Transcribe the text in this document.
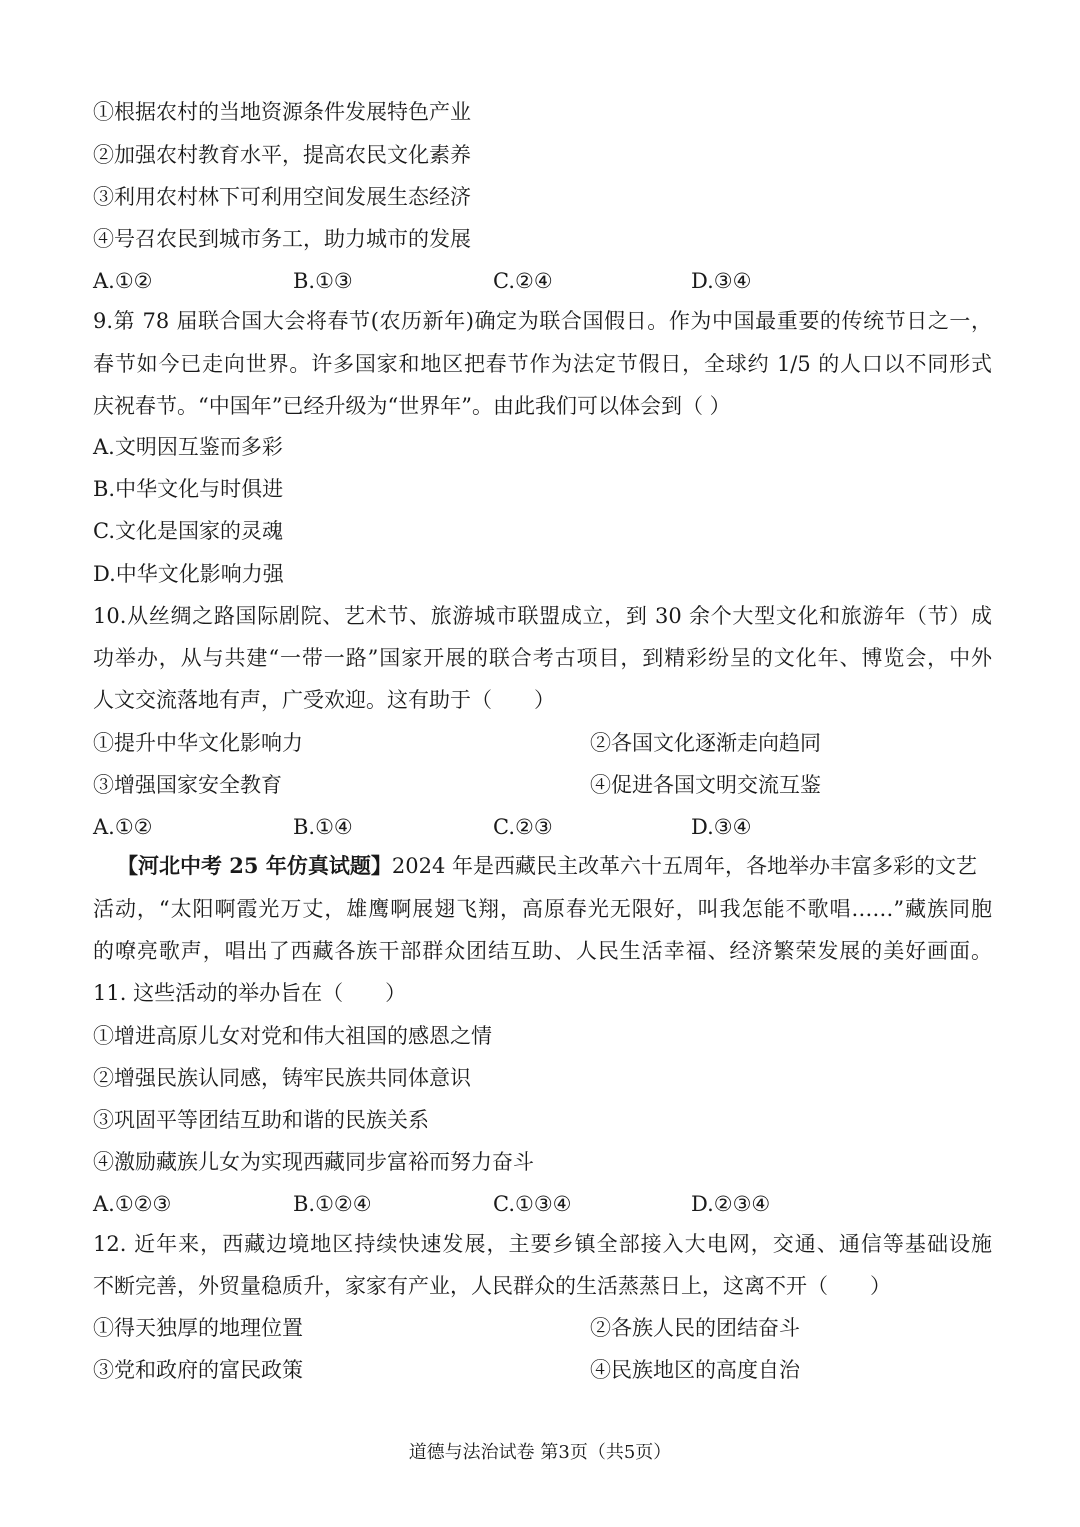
①根据农村的当地资源条件发展特色产业
②加强农村教育水平，提高农民文化素养
③利用农村林下可利用空间发展生态经济
④号召农民到城市务工，助力城市的发展
A.①②	B.①③	C.②④	D.③④
9.第 78 届联合国大会将春节(农历新年)确定为联合国假日。作为中国最重要的传统节日之一，
春节如今已走向世界。许多国家和地区把春节作为法定节假日，全球约 1/5 的人口以不同形式
庆祝春节。“中国年”已经升级为“世界年”。由此我们可以体会到（ ）
A.文明因互鉴而多彩
B.中华文化与时俱进
C.文化是国家的灵魂
D.中华文化影响力强
10.从丝绸之路国际剧院、艺术节、旅游城市联盟成立，到 30 余个大型文化和旅游年（节）成
功举办，从与共建“一带一路”国家开展的联合考古项目，到精彩纷呈的文化年、博览会，中外
人文交流落地有声，广受欢迎。这有助于（　　）
①提升中华文化影响力	②各国文化逐渐走向趋同
③增强国家安全教育	④促进各国文明交流互鉴
A.①②	B.①④	C.②③	D.③④
【河北中考 25 年仿真试题】2024 年是西藏民主改革六十五周年，各地举办丰富多彩的文艺
活动，“太阳啊霞光万丈，雄鹰啊展翅飞翔，高原春光无限好，叫我怎能不歌唱……”藏族同胞
的嘹亮歌声，唱出了西藏各族干部群众团结互助、人民生活幸福、经济繁荣发展的美好画面。
11. 这些活动的举办旨在（　　）
①增进高原儿女对党和伟大祖国的感恩之情
②增强民族认同感，铸牢民族共同体意识
③巩固平等团结互助和谐的民族关系
④激励藏族儿女为实现西藏同步富裕而努力奋斗
A.①②③	B.①②④	C.①③④	D.②③④
12. 近年来，西藏边境地区持续快速发展，主要乡镇全部接入大电网，交通、通信等基础设施
不断完善，外贸量稳质升，家家有产业，人民群众的生活蒸蒸日上，这离不开（　　）
①得天独厚的地理位置	②各族人民的团结奋斗
③党和政府的富民政策	④民族地区的高度自治
道德与法治试卷 第3页（共5页）
